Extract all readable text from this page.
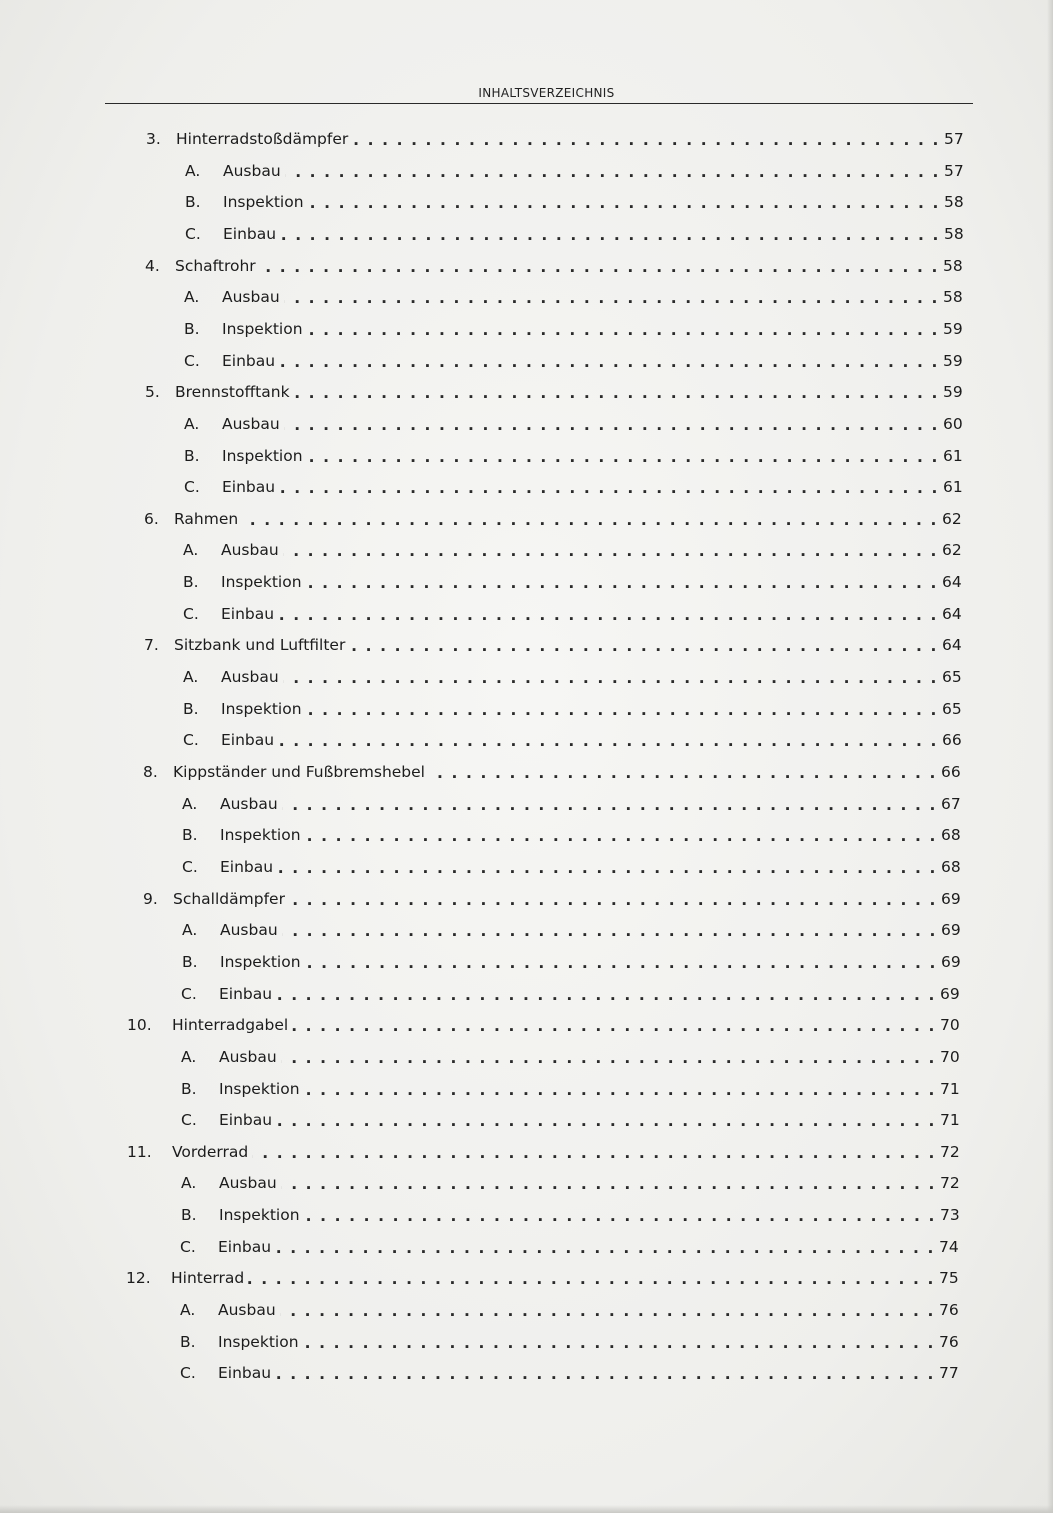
INHALTSVERZEICHNIS
3. Hinterradstoßdämpfer . . .	57
A.	Ausbau . . .	57
B.	Inspektion . . .	58
C.	Einbau . . .	58
4. Schaftrohr . . .	58
A.	Ausbau . . .	58
B.	Inspektion . . .	59
C.	Einbau . . .	59
5. Brennstofftank . . .	59
A.	Ausbau . . .	60
B.	Inspektion . . .	61
C.	Einbau . . .	61
6. Rahmen . . .	62
A.	Ausbau . . .	62
B.	Inspektion . . .	64
C.	Einbau . . .	64
7. Sitzbank und Luftfilter . . .	64
A.	Ausbau . . .	65
B.	Inspektion . . .	65
C.	Einbau . . .	66
8. Kippständer und Fußbremshebel . . .	66
A.	Ausbau . . .	67
B.	Inspektion . . .	68
C.	Einbau . . .	68
9. Schalldämpfer . . .	69
A.	Ausbau . . .	69
B.	Inspektion . . .	69
C.	Einbau . . .	69
10.	Hinterradgabel . . .	70
A.	Ausbau . . .	70
B.	Inspektion . . .	71
C.	Einbau . . .	71
11.	Vorderrad . . .	72
A.	Ausbau . . .	72
B.	Inspektion . . .	73
C.	Einbau . . .	74
12.	Hinterrad . . .	75
A.	Ausbau . . .	76
B.	Inspektion . . .	76
C.	Einbau . . .	77
